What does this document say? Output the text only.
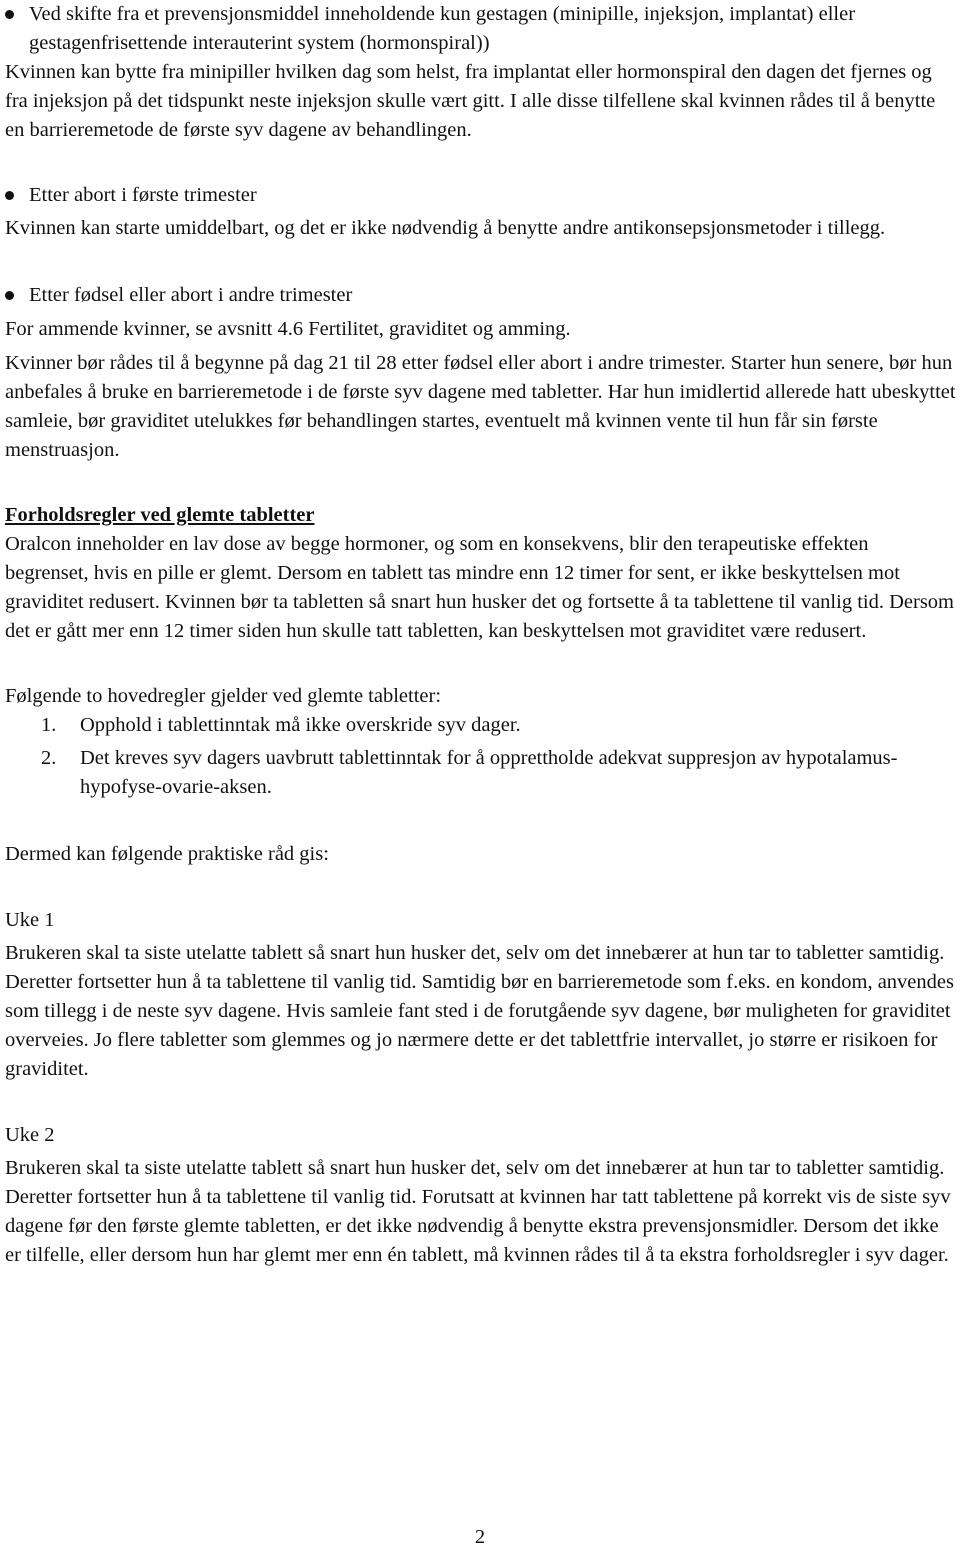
Ved skifte fra et prevensjonsmiddel inneholdende kun gestagen (minipille, injeksjon, implantat) eller gestagenfrisettende interauterint system (hormonspiral))

Kvinnen kan bytte fra minipiller hvilken dag som helst, fra implantat eller hormonspiral den dagen det fjernes og fra injeksjon på det tidspunkt neste injeksjon skulle vært gitt. I alle disse tilfellene skal kvinnen rådes til å benytte en barrieremetode de første syv dagene av behandlingen.

Etter abort i første trimester

Kvinnen kan starte umiddelbart, og det er ikke nødvendig å benytte andre antikonsepsjonsmetoder i tillegg.

Etter fødsel eller abort i andre trimester

For ammende kvinner, se avsnitt 4.6 Fertilitet, graviditet og amming.

Kvinner bør rådes til å begynne på dag 21 til 28 etter fødsel eller abort i andre trimester. Starter hun senere, bør hun anbefales å bruke en barrieremetode i de første syv dagene med tabletter. Har hun imidlertid allerede hatt ubeskyttet samleie, bør graviditet utelukkes før behandlingen startes, eventuelt må kvinnen vente til hun får sin første menstruasjon.

Forholdsregler ved glemte tabletter

Oralcon inneholder en lav dose av begge hormoner, og som en konsekvens, blir den terapeutiske effekten begrenset, hvis en pille er glemt. Dersom en tablett tas mindre enn 12 timer for sent, er ikke beskyttelsen mot graviditet redusert. Kvinnen bør ta tabletten så snart hun husker det og fortsette å ta tablettene til vanlig tid. Dersom det er gått mer enn 12 timer siden hun skulle tatt tabletten, kan beskyttelsen mot graviditet være redusert.

Følgende to hovedregler gjelder ved glemte tabletter:

1. Opphold i tablettinntak må ikke overskride syv dager.
2. Det kreves syv dagers uavbrutt tablettinntak for å opprettholde adekvat suppresjon av hypotalamus-hypofyse-ovarie-aksen.

Dermed kan følgende praktiske råd gis:

Uke 1

Brukeren skal ta siste utelatte tablett så snart hun husker det, selv om det innebærer at hun tar to tabletter samtidig. Deretter fortsetter hun å ta tablettene til vanlig tid. Samtidig bør en barrieremetode som f.eks. en kondom, anvendes som tillegg i de neste syv dagene. Hvis samleie fant sted i de forutgående syv dagene, bør muligheten for graviditet overveies. Jo flere tabletter som glemmes og jo nærmere dette er det tablettfrie intervallet, jo større er risikoen for graviditet.

Uke 2

Brukeren skal ta siste utelatte tablett så snart hun husker det, selv om det innebærer at hun tar to tabletter samtidig. Deretter fortsetter hun å ta tablettene til vanlig tid. Forutsatt at kvinnen har tatt tablettene på korrekt vis de siste syv dagene før den første glemte tabletten, er det ikke nødvendig å benytte ekstra prevensjonsmidler. Dersom det ikke er tilfelle, eller dersom hun har glemt mer enn én tablett, må kvinnen rådes til å ta ekstra forholdsregler i syv dager.

2
